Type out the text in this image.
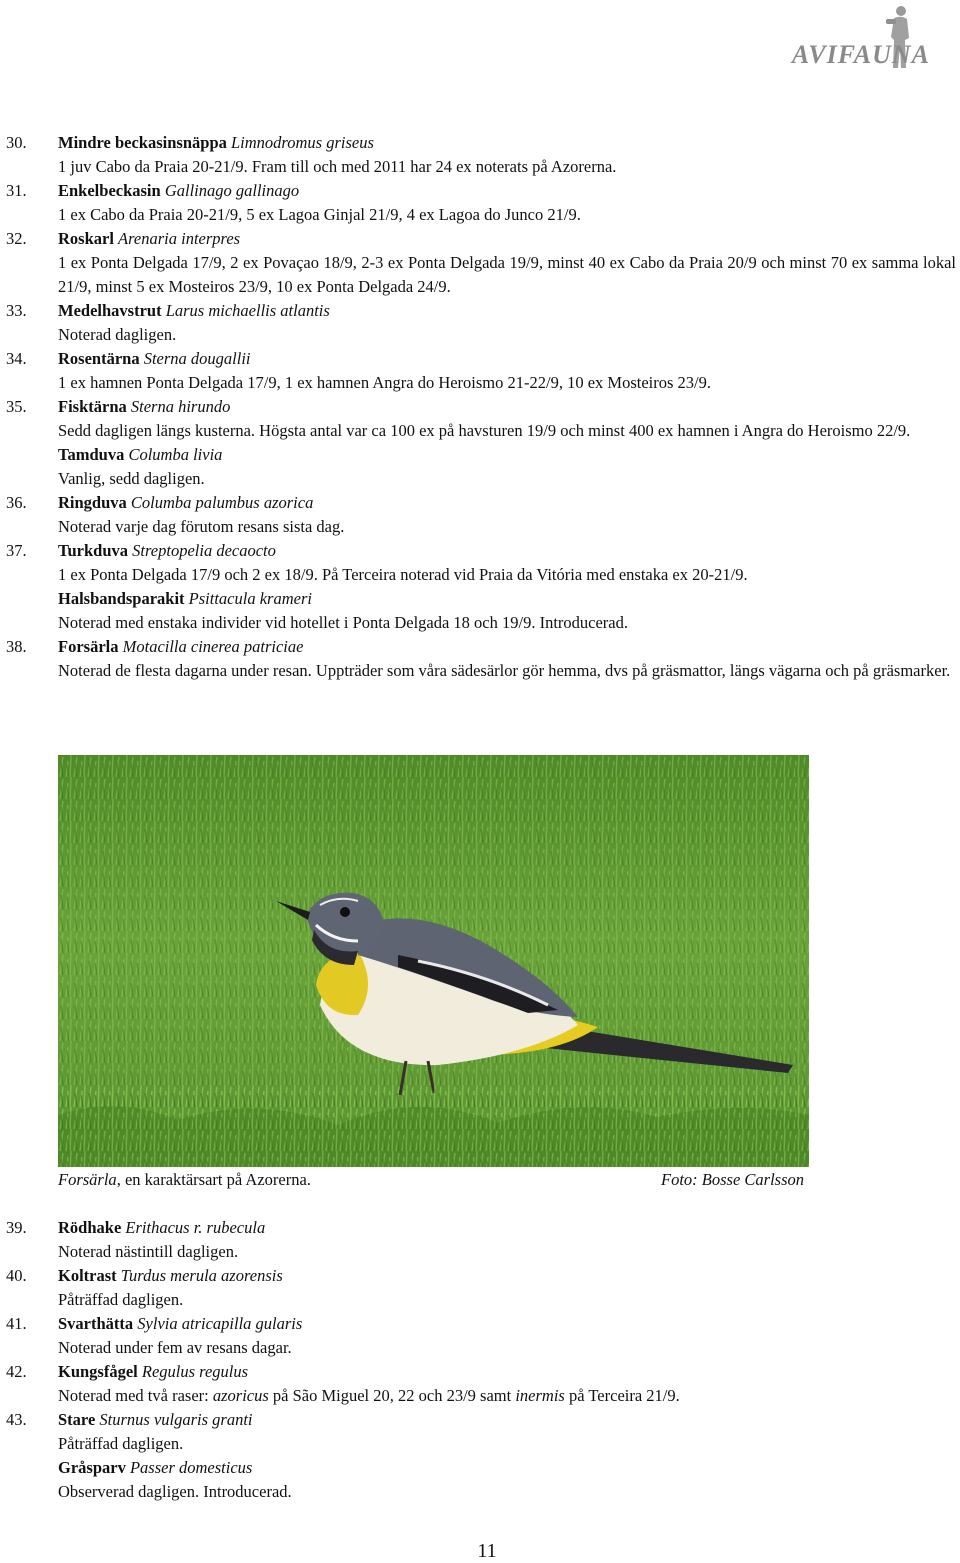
AVIFAUNA
30. Mindre beckasinsnäppa Limnodromus griseus
1 juv Cabo da Praia 20-21/9. Fram till och med 2011 har 24 ex noterats på Azorerna.
31. Enkelbeckasin Gallinago gallinago
1 ex Cabo da Praia 20-21/9, 5 ex Lagoa Ginjal 21/9, 4 ex Lagoa do Junco 21/9.
32. Roskarl Arenaria interpres
1 ex Ponta Delgada 17/9, 2 ex Povaçao 18/9, 2-3 ex Ponta Delgada 19/9, minst 40 ex Cabo da Praia 20/9 och minst 70 ex samma lokal 21/9, minst 5 ex Mosteiros 23/9, 10 ex Ponta Delgada 24/9.
33. Medelhavstrut Larus michaellis atlantis
Noterad dagligen.
34. Rosentärna Sterna dougallii
1 ex hamnen Ponta Delgada 17/9, 1 ex hamnen Angra do Heroismo 21-22/9, 10 ex Mosteiros 23/9.
35. Fisktärna Sterna hirundo
Sedd dagligen längs kusterna. Högsta antal var ca 100 ex på havsturen 19/9 och minst 400 ex hamnen i Angra do Heroismo 22/9.
Tamduva Columba livia
Vanlig, sedd dagligen.
36. Ringduva Columba palumbus azorica
Noterad varje dag förutom resans sista dag.
37. Turkduva Streptopelia decaocto
1 ex Ponta Delgada 17/9 och 2 ex 18/9. På Terceira noterad vid Praia da Vitória med enstaka ex 20-21/9.
Halsbandsparakit Psittacula krameri
Noterad med enstaka individer vid hotellet i Ponta Delgada 18 och 19/9. Introducerad.
38. Forsärla Motacilla cinerea patriciae
Noterad de flesta dagarna under resan. Uppträder som våra sädesärlor gör hemma, dvs på gräsmattor, längs vägarna och på gräsmarker.
Forsärla, en karaktärsart på Azorerna.	Foto: Bosse Carlsson
39. Rödhake Erithacus r. rubecula
Noterad nästintill dagligen.
40. Koltrast Turdus merula azorensis
Påträffad dagligen.
41. Svarthätta Sylvia atricapilla gularis
Noterad under fem av resans dagar.
42. Kungsfågel Regulus regulus
Noterad med två raser: azoricus på São Miguel 20, 22 och 23/9 samt inermis på Terceira 21/9.
43. Stare Sturnus vulgaris granti
Påträffad dagligen.
Gråsparv Passer domesticus
Observerad dagligen. Introducerad.
11
